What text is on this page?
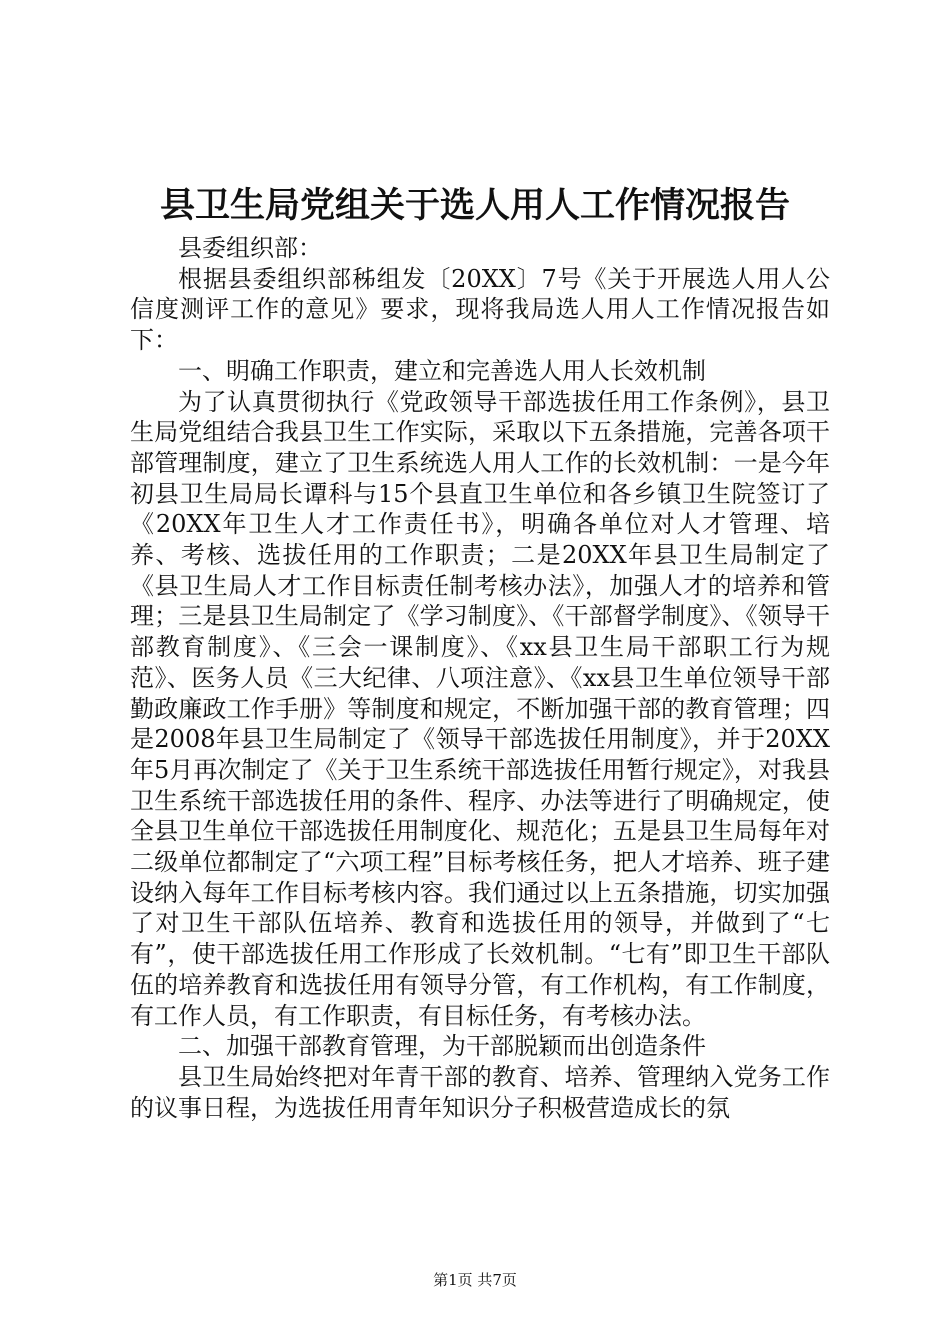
县卫生局党组关于选人用人工作情况报告

县委组织部：

根据县委组织部秭组发〔20XX〕7号《关于开展选人用人公信度测评工作的意见》要求，现将我局选人用人工作情况报告如下：

一、明确工作职责，建立和完善选人用人长效机制

为了认真贯彻执行《党政领导干部选拔任用工作条例》，县卫生局党组结合我县卫生工作实际，采取以下五条措施，完善各项干部管理制度，建立了卫生系统选人用人工作的长效机制：一是今年初县卫生局局长谭科与15个县直卫生单位和各乡镇卫生院签订了《20XX年卫生人才工作责任书》，明确各单位对人才管理、培养、考核、选拔任用的工作职责；二是20XX年县卫生局制定了《县卫生局人才工作目标责任制考核办法》，加强人才的培养和管理；三是县卫生局制定了《学习制度》、《干部督学制度》、《领导干部教育制度》、《三会一课制度》、《xx县卫生局干部职工行为规范》、医务人员《三大纪律、八项注意》、《xx县卫生单位领导干部勤政廉政工作手册》等制度和规定，不断加强干部的教育管理；四是2008年县卫生局制定了《领导干部选拔任用制度》，并于20XX年5月再次制定了《关于卫生系统干部选拔任用暂行规定》，对我县卫生系统干部选拔任用的条件、程序、办法等进行了明确规定，使全县卫生单位干部选拔任用制度化、规范化；五是县卫生局每年对二级单位都制定了“六项工程”目标考核任务，把人才培养、班子建设纳入每年工作目标考核内容。我们通过以上五条措施，切实加强了对卫生干部队伍培养、教育和选拔任用的领导，并做到了“七有”，使干部选拔任用工作形成了长效机制。“七有”即卫生干部队伍的培养教育和选拔任用有领导分管，有工作机构，有工作制度，有工作人员，有工作职责，有目标任务，有考核办法。

二、加强干部教育管理，为干部脱颖而出创造条件

县卫生局始终把对年青干部的教育、培养、管理纳入党务工作的议事日程，为选拔任用青年知识分子积极营造成长的氛

第1页 共7页
